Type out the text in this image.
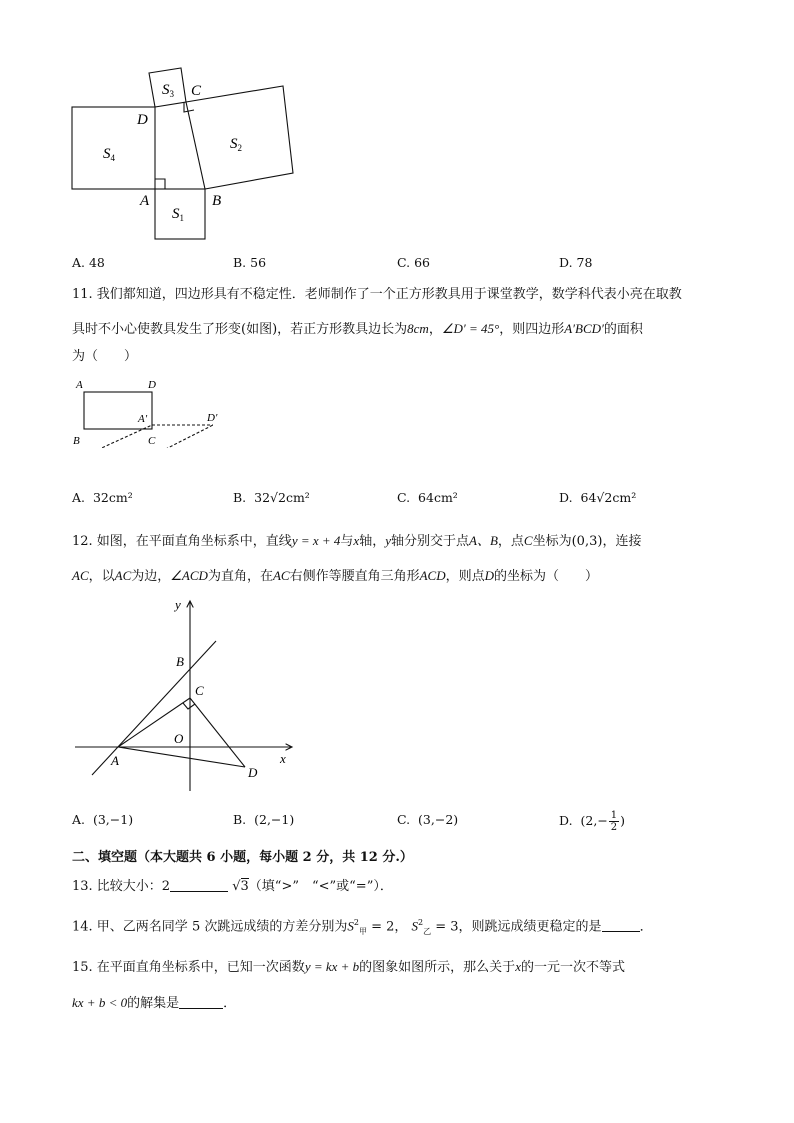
$S_4$
$S_1$
$S_3$
$S_2$
D
C
A	B
A. 48	B. 56	C. 66	D. 78
11. 我们都知道，四边形具有不稳定性．老师制作了一个正方形教具用于课堂教学，数学科代表小亮在取教
具时不小心使教具发生了形变(如图)，若正方形教具边长为8cm，∠D′ = 45°，则四边形A′BCD′的面积
为（　　）
A	D
A′	D′
B	C
A. 32cm²	B. 32√2cm²	C. 64cm²	D. 64√2cm²
12. 如图，在平面直角坐标系中，直线y = x + 4与x轴，y轴分别交于点A、B，点C坐标为(0,3)，连接
AC，以AC为边，∠ACD为直角，在AC右侧作等腰直角三角形ACD，则点D的坐标为（　　）
y
x
B
C
O
A
D
A. (3,−1)	B. (2,−1)	C. (3,−2)	D. ($2,- \frac{1}{2}$ )
二、填空题（本大题共 6 小题，每小题 2 分，共 12 分.）
13. 比较大小：2	√3（填“>”　“<”或“=”）．
14. 甲、乙两名同学 5 次跳远成绩的方差分别为$S^2_甲 = 2$， $S^2_乙 = 3$，则跳远成绩更稳定的是	．
15. 在平面直角坐标系中，已知一次函数y = kx + b的图象如图所示，那么关于x的一元一次不等式
kx + b < 0的解集是	．
